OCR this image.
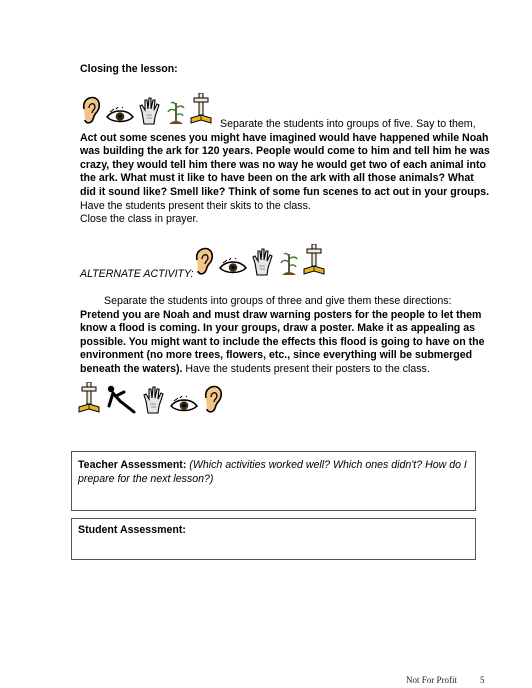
Closing the lesson:
Separate the students into groups of five. Say to them,
Act out some scenes you might have imagined would have happened while Noah was building the ark for 120 years. People would come to him and tell him he was crazy, they would tell him there was no way he would get two of each animal into the ark. What must it like to have been on the ark with all those animals? What did it sound like? Smell like? Think of some fun scenes to act out in your groups. Have the students present their skits to the class.
Close the class in prayer.
ALTERNATE ACTIVITY:
Separate the students into groups of three and give them these directions: Pretend you are Noah and must draw warning posters for the people to let them know a flood is coming. In your groups, draw a poster. Make it as appealing as possible. You might want to include the effects this flood is going to have on the environment (no more trees, flowers, etc., since everything will be submerged beneath the waters). Have the students present their posters to the class.
Teacher Assessment: (Which activities worked well? Which ones didn't? How do I prepare for the next lesson?)
Student Assessment:
Not For Profit	5
